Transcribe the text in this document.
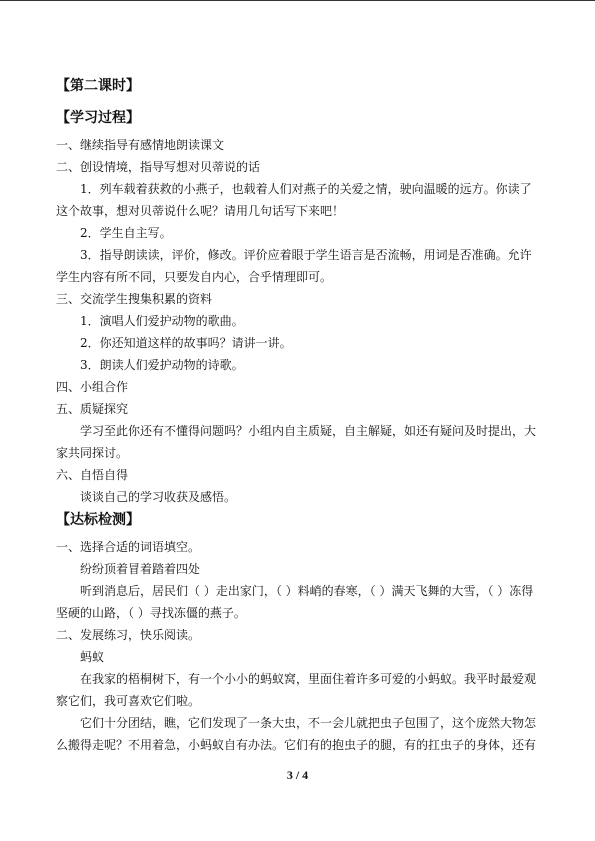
【第二课时】
【学习过程】

一、继续指导有感情地朗读课文

二、创设情境，指导写想对贝蒂说的话

1．列车载着获救的小燕子，也载着人们对燕子的关爱之情，驶向温暖的远方。你读了这个故事，想对贝蒂说什么呢？请用几句话写下来吧！

2．学生自主写。

3．指导朗读读，评价，修改。评价应着眼于学生语言是否流畅，用词是否准确。允许学生内容有所不同，只要发自内心，合乎情理即可。

三、交流学生搜集积累的资料

1．演唱人们爱护动物的歌曲。

2．你还知道这样的故事吗？请讲一讲。

3．朗读人们爱护动物的诗歌。

四、小组合作

五、质疑探究

学习至此你还有不懂得问题吗？小组内自主质疑，自主解疑，如还有疑问及时提出，大家共同探讨。

六、自悟自得

谈谈自己的学习收获及感悟。

【达标检测】

一、选择合适的词语填空。

纷纷顶着冒着踏着四处

听到消息后，居民们（ ）走出家门，（ ）料峭的春寒，（ ）满天飞舞的大雪，（ ）冻得坚硬的山路，（ ）寻找冻僵的燕子。

二、发展练习，快乐阅读。

蚂蚁

在我家的梧桐树下，有一个小小的蚂蚁窝，里面住着许多可爱的小蚂蚁。我平时最爱观察它们，我可喜欢它们啦。

它们十分团结，瞧，它们发现了一条大虫，不一会儿就把虫子包围了，这个庞然大物怎么搬得走呢？不用着急，小蚂蚁自有办法。它们有的抱虫子的腿，有的扛虫子的身体，还有

3 / 4
